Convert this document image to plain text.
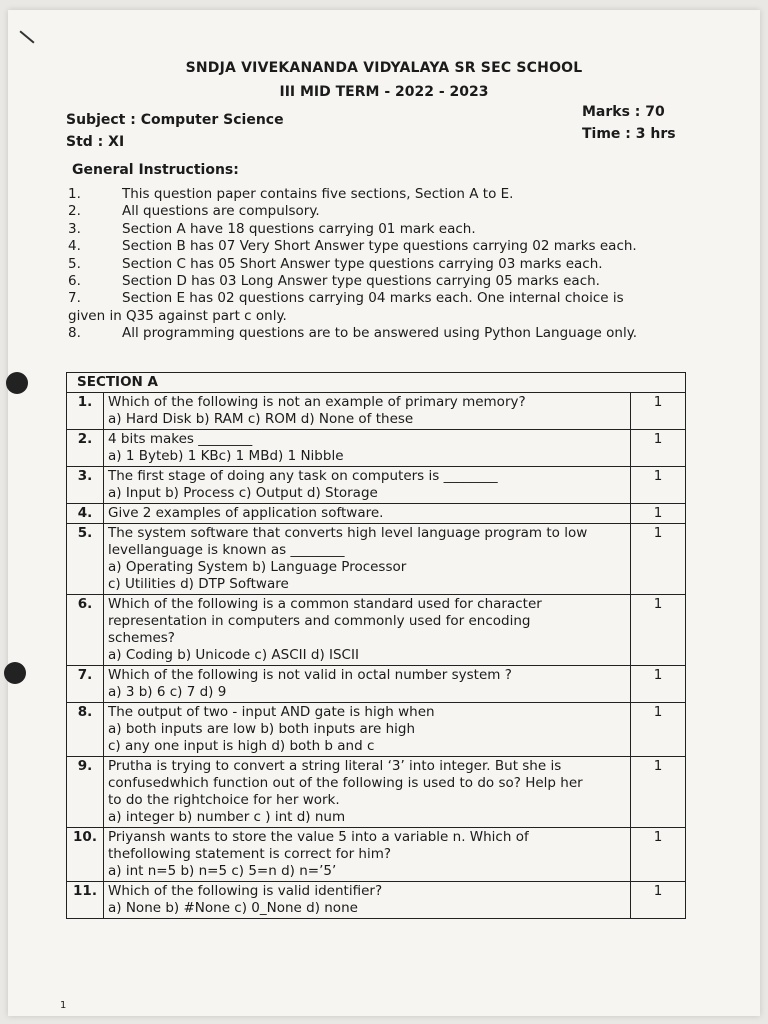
SNDJA VIVEKANANDA VIDYALAYA SR SEC SCHOOL
III MID TERM - 2022 - 2023
Subject : Computer Science
Std : XI
Marks : 70
Time : 3 hrs
General Instructions:
1.	This question paper contains five sections, Section A to E.
2.	All questions are compulsory.
3.	Section A have 18 questions carrying 01 mark each.
4.	Section B has 07 Very Short Answer type questions carrying 02 marks each.
5.	Section C has 05 Short Answer type questions carrying 03 marks each.
6.	Section D has 03 Long Answer type questions carrying 05 marks each.
7.	Section E has 02 questions carrying 04 marks each. One internal choice is
given in Q35 against part c only.
8.	All programming questions are to be answered using Python Language only.
SECTION A		
1.	Which of the following is not an example of primary memory?
a) Hard Disk b) RAM c) ROM d) None of these	1
2.	4 bits makes ________
a) 1 Byteb) 1 KBc) 1 MBd) 1 Nibble	1
3.	The first stage of doing any task on computers is ________
a) Input b) Process c) Output d) Storage	1
4.	Give 2 examples of application software.	1
5.	The system software that converts high level language program to low
levellanguage is known as ________
a) Operating System b) Language Processor
c) Utilities d) DTP Software	1
6.	Which of the following is a common standard used for character
representation in computers and commonly used for encoding
schemes?
a) Coding b) Unicode c) ASCII d) ISCII	1
7.	Which of the following is not valid in octal number system ?
a) 3 b) 6 c) 7 d) 9	1
8.	The output of two - input AND gate is high when
a) both inputs are low b) both inputs are high
c) any one input is high d) both b and c	1
9.	Prutha is trying to convert a string literal ‘3’ into integer. But she is
confusedwhich function out of the following is used to do so? Help her
to do the rightchoice for her work.
a) integer b) number c ) int d) num	1
10.	Priyansh wants to store the value 5 into a variable n. Which of
thefollowing statement is correct for him?
a) int n=5 b) n=5 c) 5=n d) n=’5’	1
11.	Which of the following is valid identifier?
a) None b) #None c) 0_None d) none	1
1
